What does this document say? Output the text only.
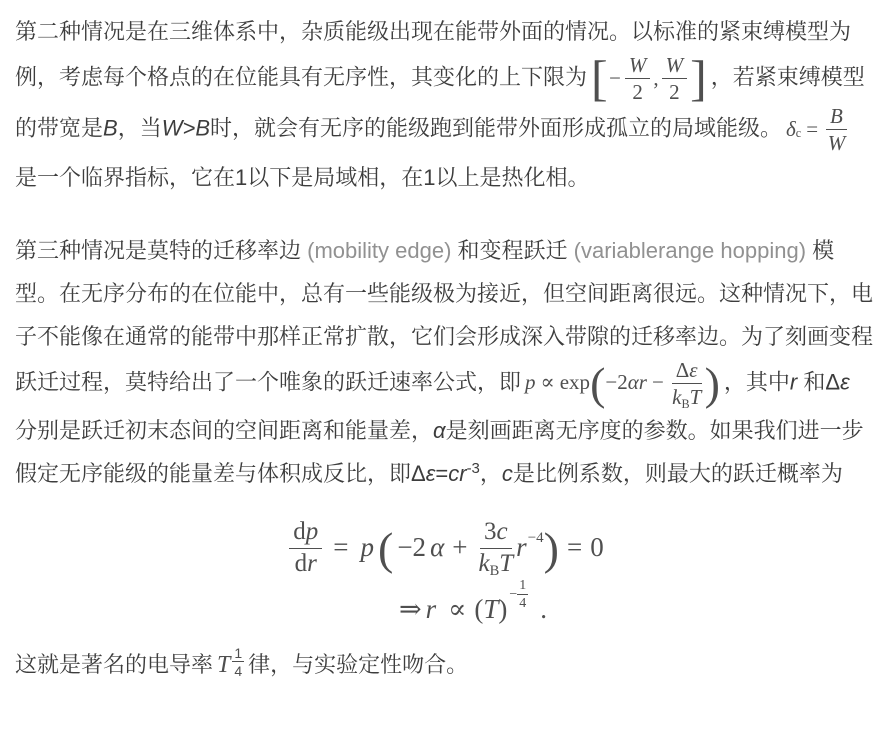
第二种情况是在三维体系中，杂质能级出现在能带外面的情况。以标准的紧束缚模型为例，考虑每个格点的在位能具有无序性，其变化的上下限为 [ − $\frac{W}{2}$ , $\frac{W}{2}$ ] ，若紧束缚模型的带宽是B，当W>B时，就会有无序的能级跑到能带外面形成孤立的局域能级。 δ $c = \frac{B}{W}$
是一个临界指标，它在1以下是局域相，在1以上是热化相。

第三种情况是莫特的迁移率边 (mobility edge) 和变程跃迁 (variablerange hopping) 模型。在无序分布的在位能中，总有一些能级极为接近，但空间距离很远。这种情况下，电子不能像在通常的能带中那样正常扩散，它们会形成深入带隙的迁移率边。为了刻画变程跃迁过程，莫特给出了一个唯象的跃迁速率公式，即 p ∝ exp ( −2 $\alpha r - \frac{\text{Δ ε}}{\text{k B T}}$ ) ，其中r 和Δε 分别是跃迁初末态间的空间距离和能量差，α是刻画距离无序度的参数。如果我们进一步假定无序能级的能量差与体积成反比，即$\Delta\varepsilon=cr^{-3}$，c是比例系数，则最大的跃迁概率为

$\frac{\text{d p}}{\text{d r}} = p$ ( −2 $\alpha + \frac{3 c}{\text{k B T}}$ r −4 ) = 0
⇒ r ∝ ( T ) − $\frac{1}{4}$ .

这就是著名的电导率 T $\frac{1}{4}$ 律，与实验定性吻合。
